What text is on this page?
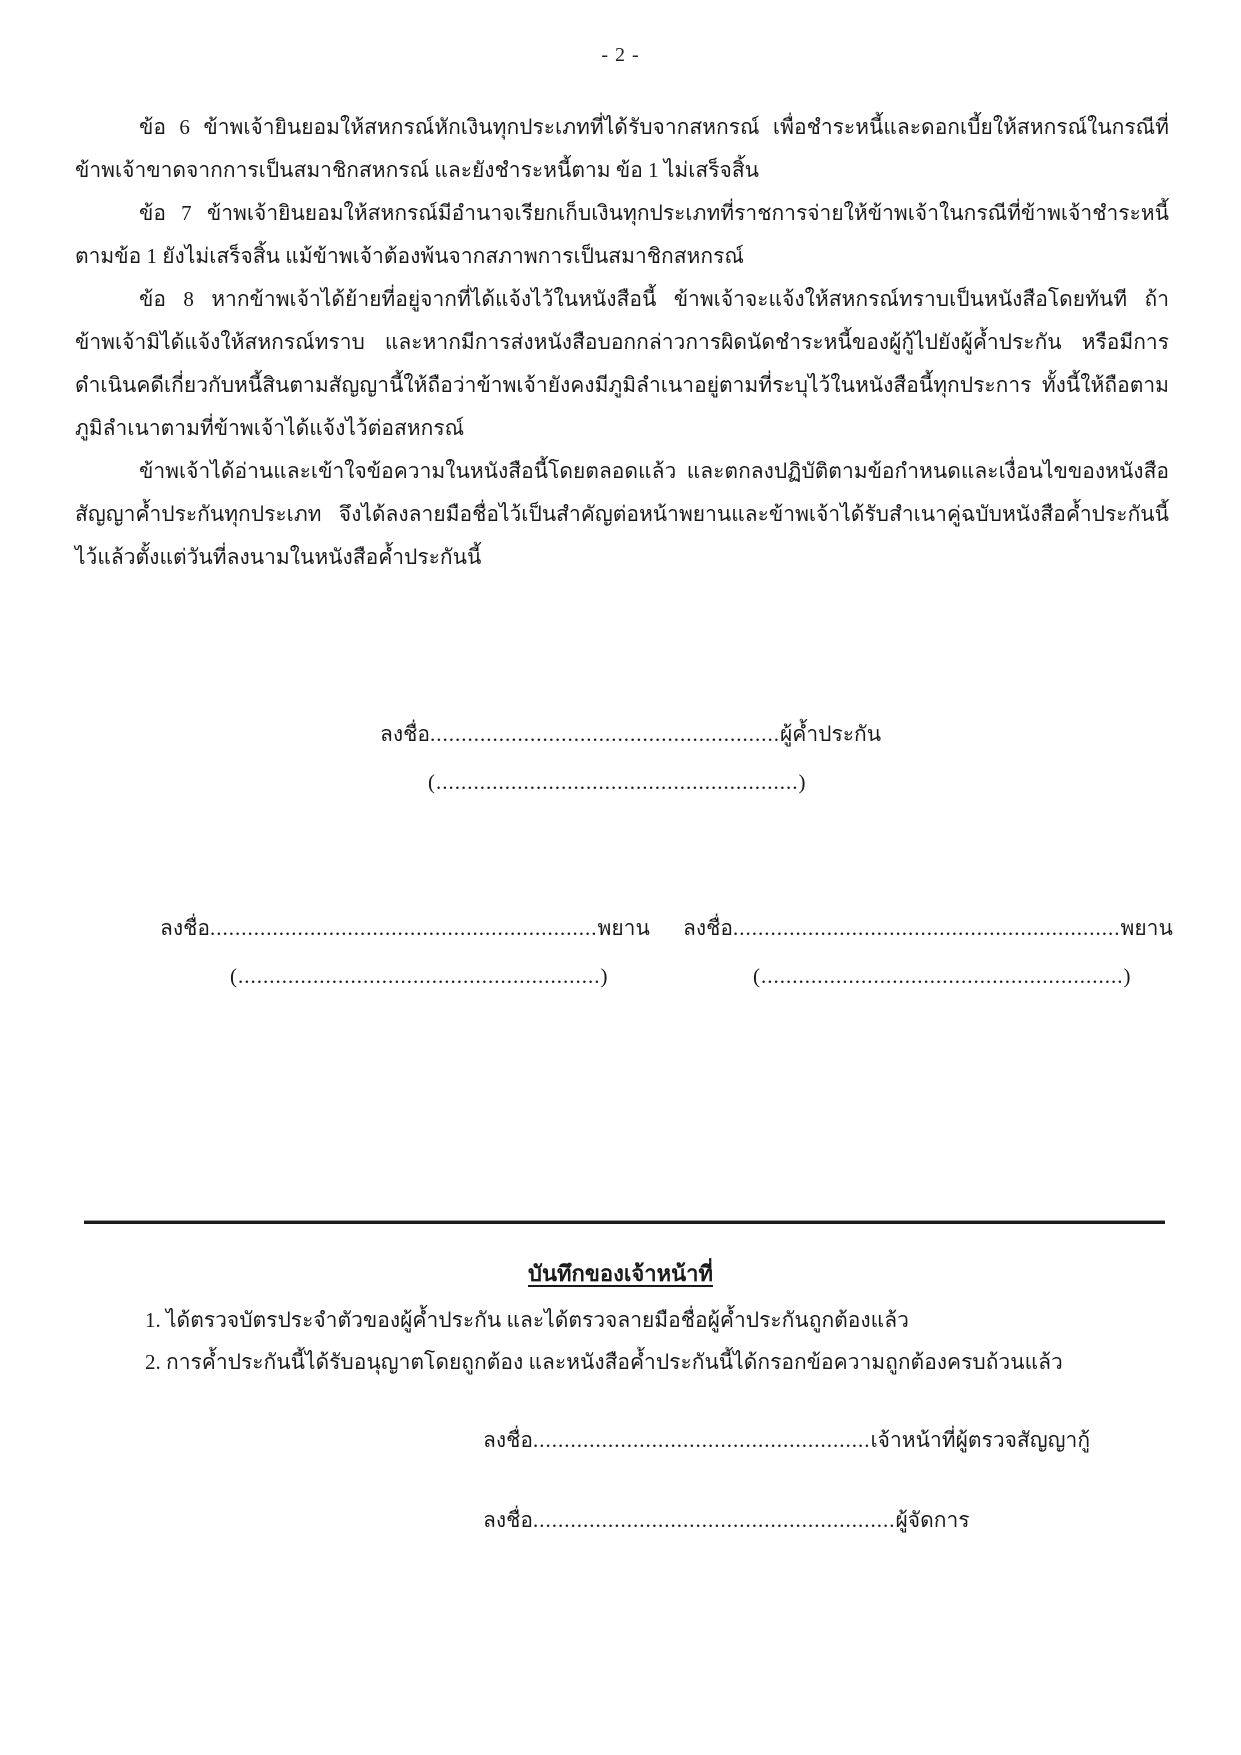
- 2 -

ข้อ 6 ข้าพเจ้ายินยอมให้สหกรณ์หักเงินทุกประเภทที่ได้รับจากสหกรณ์ เพื่อชำระหนี้และดอกเบี้ยให้สหกรณ์ในกรณีที่ข้าพเจ้าขาดจากการเป็นสมาชิกสหกรณ์ และยังชำระหนี้ตาม ข้อ 1 ไม่เสร็จสิ้น

ข้อ 7 ข้าพเจ้ายินยอมให้สหกรณ์มีอำนาจเรียกเก็บเงินทุกประเภทที่ราชการจ่ายให้ข้าพเจ้าในกรณีที่ข้าพเจ้าชำระหนี้ตามข้อ 1 ยังไม่เสร็จสิ้น แม้ข้าพเจ้าต้องพ้นจากสภาพการเป็นสมาชิกสหกรณ์

ข้อ 8 หากข้าพเจ้าได้ย้ายที่อยู่จากที่ได้แจ้งไว้ในหนังสือนี้ ข้าพเจ้าจะแจ้งให้สหกรณ์ทราบเป็นหนังสือโดยทันที ถ้าข้าพเจ้ามิได้แจ้งให้สหกรณ์ทราบ และหากมีการส่งหนังสือบอกกล่าวการผิดนัดชำระหนี้ของผู้กู้ไปยังผู้ค้ำประกัน หรือมีการดำเนินคดีเกี่ยวกับหนี้สินตามสัญญานี้ให้ถือว่าข้าพเจ้ายังคงมีภูมิลำเนาอยู่ตามที่ระบุไว้ในหนังสือนี้ทุกประการ ทั้งนี้ให้ถือตามภูมิลำเนาตามที่ข้าพเจ้าได้แจ้งไว้ต่อสหกรณ์

ข้าพเจ้าได้อ่านและเข้าใจข้อความในหนังสือนี้โดยตลอดแล้ว และตกลงปฏิบัติตามข้อกำหนดและเงื่อนไขของหนังสือสัญญาค้ำประกันทุกประเภท จึงได้ลงลายมือชื่อไว้เป็นสำคัญต่อหน้าพยานและข้าพเจ้าได้รับสำเนาคู่ฉบับหนังสือค้ำประกันนี้ไว้แล้วตั้งแต่วันที่ลงนามในหนังสือค้ำประกันนี้

ลงชื่อ........................................................ผู้ค้ำประกัน
(..........................................................)
ลงชื่อ..............................................................พยาน
(..........................................................)
ลงชื่อ..............................................................พยาน
(..........................................................)
บันทึกของเจ้าหน้าที่

1. ได้ตรวจบัตรประจำตัวของผู้ค้ำประกัน และได้ตรวจลายมือชื่อผู้ค้ำประกันถูกต้องแล้ว

2. การค้ำประกันนี้ได้รับอนุญาตโดยถูกต้อง และหนังสือค้ำประกันนี้ได้กรอกข้อความถูกต้องครบถ้วนแล้ว

ลงชื่อ......................................................เจ้าหน้าที่ผู้ตรวจสัญญากู้
ลงชื่อ..........................................................ผู้จัดการ
